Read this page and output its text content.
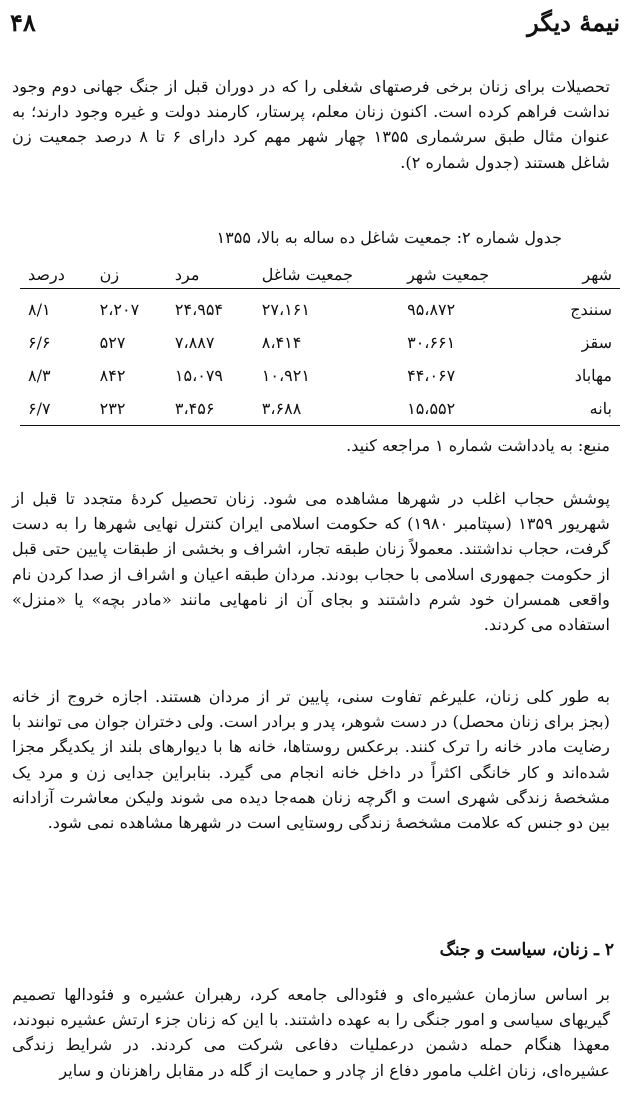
نیمهٔ دیگر
۴۸

تحصیلات برای زنان برخی فرصتهای شغلی را که در دوران قبل از جنگ جهانی دوم وجود نداشت فراهم کرده است. اکنون زنان معلم، پرستار، کارمند دولت و غیره وجود دارند؛ به عنوان مثال طبق سرشماری ۱۳۵۵ چهار شهر مهم کرد دارای ۶ تا ۸ درصد جمعیت زن شاغل هستند (جدول شماره ۲).

جدول شماره ۲: جمعیت شاغل ده ساله به بالا، ۱۳۵۵

شهر	جمعیت شهر	جمعیت شاغل	مرد	زن	درصد
سنندج	۹۵،۸۷۲	۲۷،۱۶۱	۲۴،۹۵۴	۲،۲۰۷	۸/۱
سقز	۳۰،۶۶۱	۸،۴۱۴	۷،۸۸۷	۵۲۷	۶/۶
مهاباد	۴۴،۰۶۷	۱۰،۹۲۱	۱۵،۰۷۹	۸۴۲	۸/۳
بانه	۱۵،۵۵۲	۳،۶۸۸	۳،۴۵۶	۲۳۲	۶/۷

منبع: به یادداشت شماره ۱ مراجعه کنید.

پوشش حجاب اغلب در شهرها مشاهده می شود. زنان تحصیل کردهٔ متجدد تا قبل از شهریور ۱۳۵۹ (سپتامبر ۱۹۸۰) که حکومت اسلامی ایران کنترل نهایی شهرها را به دست گرفت، حجاب نداشتند. معمولاً زنان طبقه تجار، اشراف و بخشی از طبقات پایین حتی قبل از حکومت جمهوری اسلامی با حجاب بودند. مردان طبقه اعیان و اشراف از صدا کردن نام واقعی همسران خود شرم داشتند و بجای آن از نامهایی مانند «مادر بچه» یا «منزل» استفاده می کردند.

به طور کلی زنان، علیرغم تفاوت سنی، پایین تر از مردان هستند. اجازه خروج از خانه (بجز برای زنان محصل) در دست شوهر، پدر و برادر است. ولی دختران جوان می توانند با رضایت مادر خانه را ترک کنند. برعکس روستاها، خانه ها با دیوارهای بلند از یکدیگر مجزا شده‌اند و کار خانگی اکثراً در داخل خانه انجام می گیرد. بنابراین جدایی زن و مرد یک مشخصهٔ زندگی شهری است و اگرچه زنان همه‌جا دیده می شوند ولیکن معاشرت آزادانه بین دو جنس که علامت مشخصهٔ زندگی روستایی است در شهرها مشاهده نمی شود.

۲ ـ زنان، سیاست و جنگ

بر اساس سازمان عشیره‌ای و فئودالی جامعه کرد، رهبران عشیره و فئودالها تصمیم گیریهای سیاسی و امور جنگی را به عهده داشتند. با این که زنان جزء ارتش عشیره نبودند، معهذا هنگام حمله دشمن درعملیات دفاعی شرکت می کردند. در شرایط زندگی عشیره‌ای، زنان اغلب مامور دفاع از چادر و حمایت از گله در مقابل راهزنان و سایر
